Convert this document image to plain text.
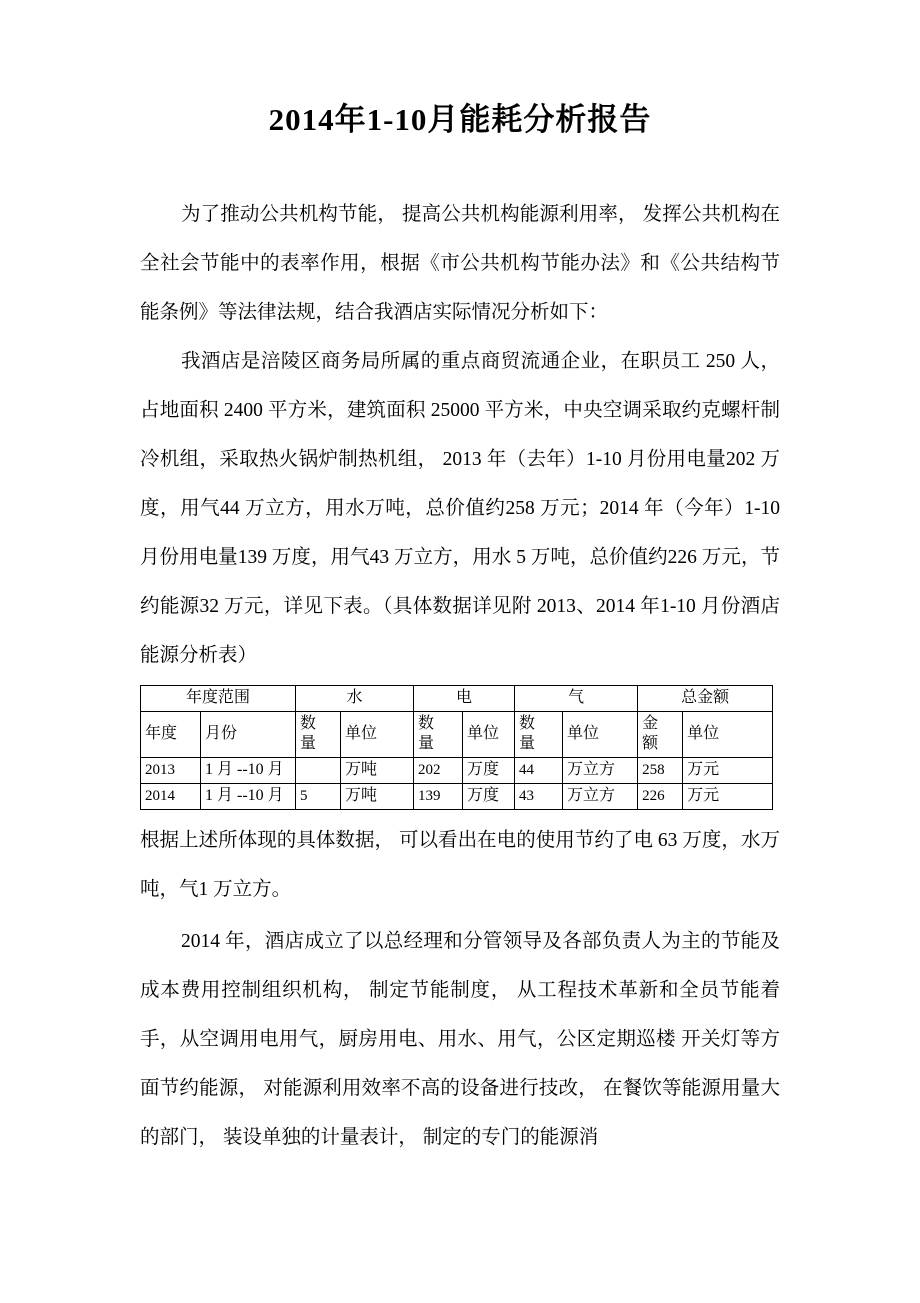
2014年1-10月能耗分析报告

为了推动公共机构节能， 提高公共机构能源利用率， 发挥公共机构在全社会节能中的表率作用，根据《市公共机构节能办法》和《公共结构节能条例》等法律法规，结合我酒店实际情况分析如下：

我酒店是涪陵区商务局所属的重点商贸流通企业，在职员工 250 人，占地面积 2400 平方米，建筑面积 25000 平方米，中央空调采取约克螺杆制冷机组，采取热火锅炉制热机组， 2013 年（去年）1-10 月份用电量202 万度，用气44 万立方，用水万吨，总价值约258 万元；2014 年（今年）1-10 月份用电量139 万度，用气43 万立方，用水 5 万吨，总价值约226 万元，节约能源32 万元，详见下表。（具体数据详见附 2013、2014 年1-10 月份酒店能源分析表）

年度范围		水		电		气		总金额	
年度	月份	数量	单位	数量	单位	数量	单位	金额	单位
2013	1 月 --10 月		万吨	202	万度	44	万立方	258	万元
2014	1 月 --10 月	5	万吨	139	万度	43	万立方	226	万元

根据上述所体现的具体数据， 可以看出在电的使用节约了电 63 万度，水万吨，气1 万立方。

2014 年，酒店成立了以总经理和分管领导及各部负责人为主的节能及成本费用控制组织机构， 制定节能制度， 从工程技术革新和全员节能着手，从空调用电用气，厨房用电、用水、用气，公区定期巡楼 开关灯等方面节约能源， 对能源利用效率不高的设备进行技改， 在餐饮等能源用量大的部门， 装设单独的计量表计， 制定的专门的能源消
